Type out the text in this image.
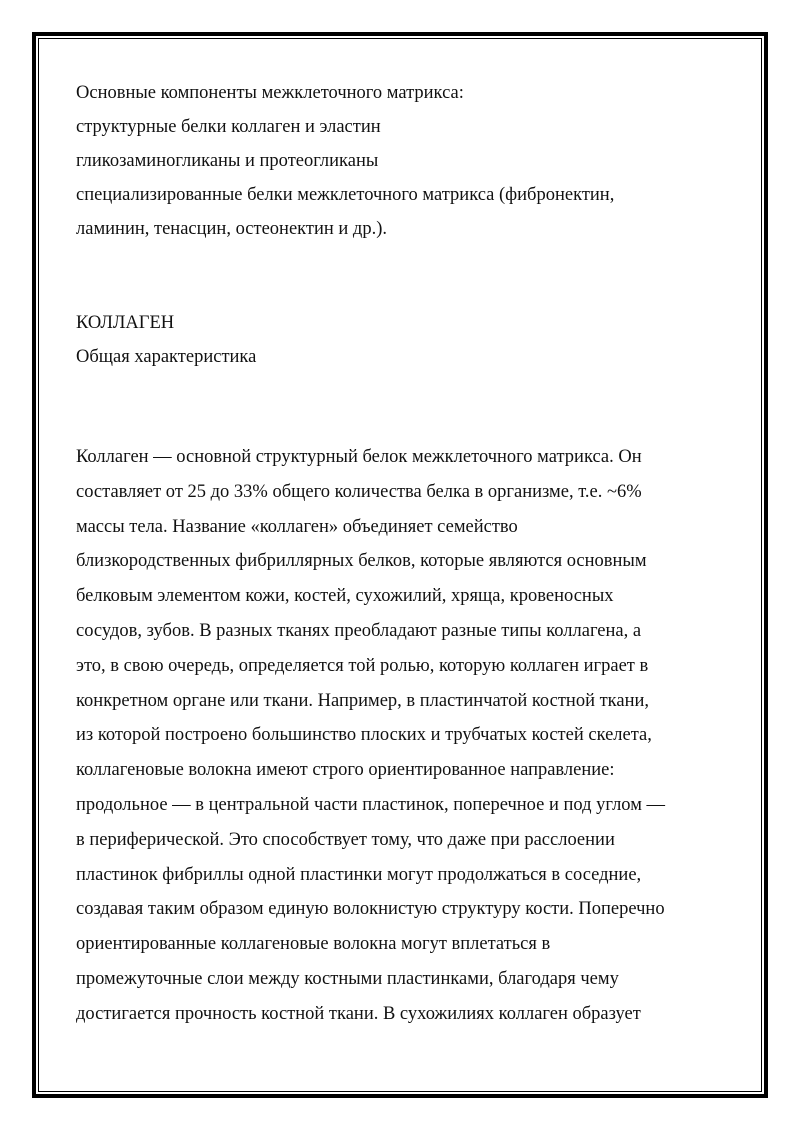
Основные компоненты межклеточного матрикса:
структурные белки коллаген и эластин
гликозаминогликаны и протеогликаны
специализированные белки межклеточного матрикса (фибронектин,
ламинин, тенасцин, остеонектин и др.).
КОЛЛАГЕН
Общая характеристика
Коллаген — основной структурный белок межклеточного матрикса. Он
составляет от 25 до 33% общего количества белка в организме, т.е. ~6%
массы тела. Название «коллаген» объединяет семейство
близкородственных фибриллярных белков, которые являются основным
белковым элементом кожи, костей, сухожилий, хряща, кровеносных
сосудов, зубов. В разных тканях преобладают разные типы коллагена, а
это, в свою очередь, определяется той ролью, которую коллаген играет в
конкретном органе или ткани. Например, в пластинчатой костной ткани,
из которой построено большинство плоских и трубчатых костей скелета,
коллагеновые волокна имеют строго ориентированное направление:
продольное — в центральной части пластинок, поперечное и под углом —
в периферической. Это способствует тому, что даже при расслоении
пластинок фибриллы одной пластинки могут продолжаться в соседние,
создавая таким образом единую волокнистую структуру кости. Поперечно
ориентированные коллагеновые волокна могут вплетаться в
промежуточные слои между костными пластинками, благодаря чему
достигается прочность костной ткани. В сухожилиях коллаген образует
